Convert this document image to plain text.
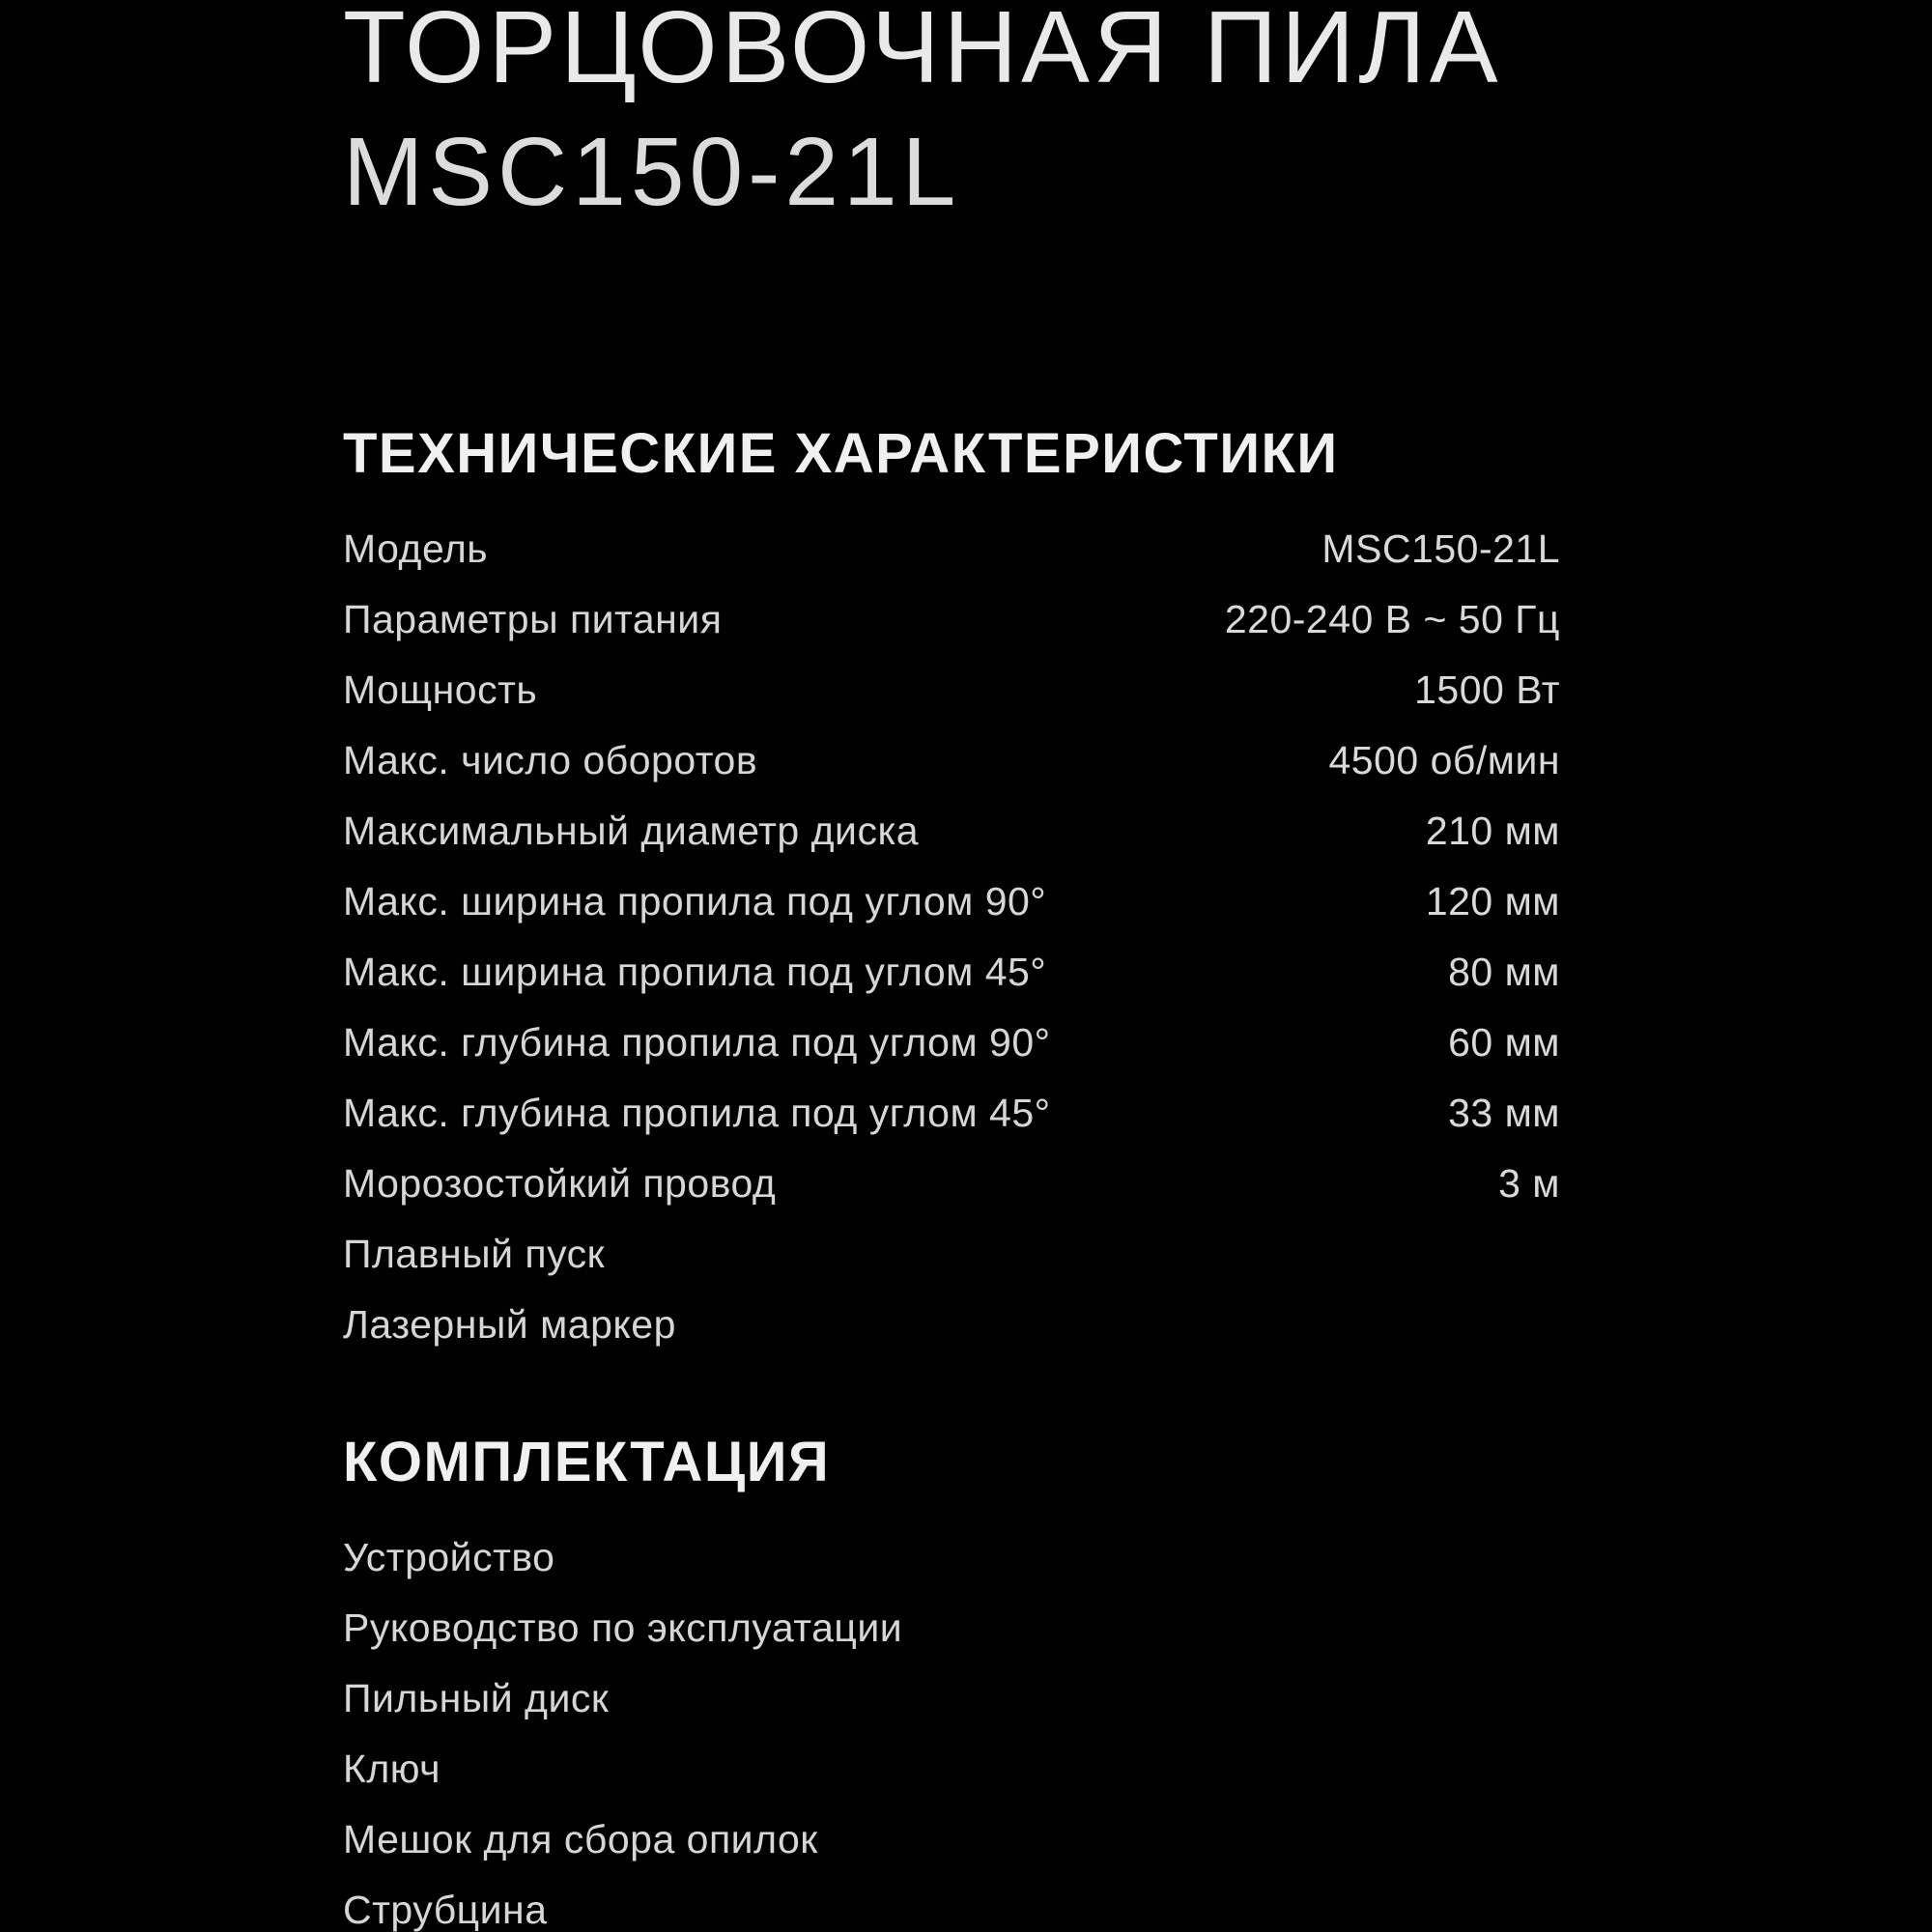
ТОРЦОВОЧНАЯ ПИЛА
MSC150-21L
ТЕХНИЧЕСКИЕ ХАРАКТЕРИСТИКИ
Модель	MSC150-21L
Параметры питания	220-240 В ~ 50 Гц
Мощность	1500 Вт
Макс. число оборотов	4500 об/мин
Максимальный диаметр диска	210 мм
Макс. ширина пропила под углом 90°	120 мм
Макс. ширина пропила под углом 45°	80 мм
Макс. глубина пропила под углом 90°	60 мм
Макс. глубина пропила под углом 45°	33 мм
Морозостойкий провод	3 м
Плавный пуск
Лазерный маркер
КОМПЛЕКТАЦИЯ
Устройство
Руководство по эксплуатации
Пильный диск
Ключ
Мешок для сбора опилок
Струбцина
